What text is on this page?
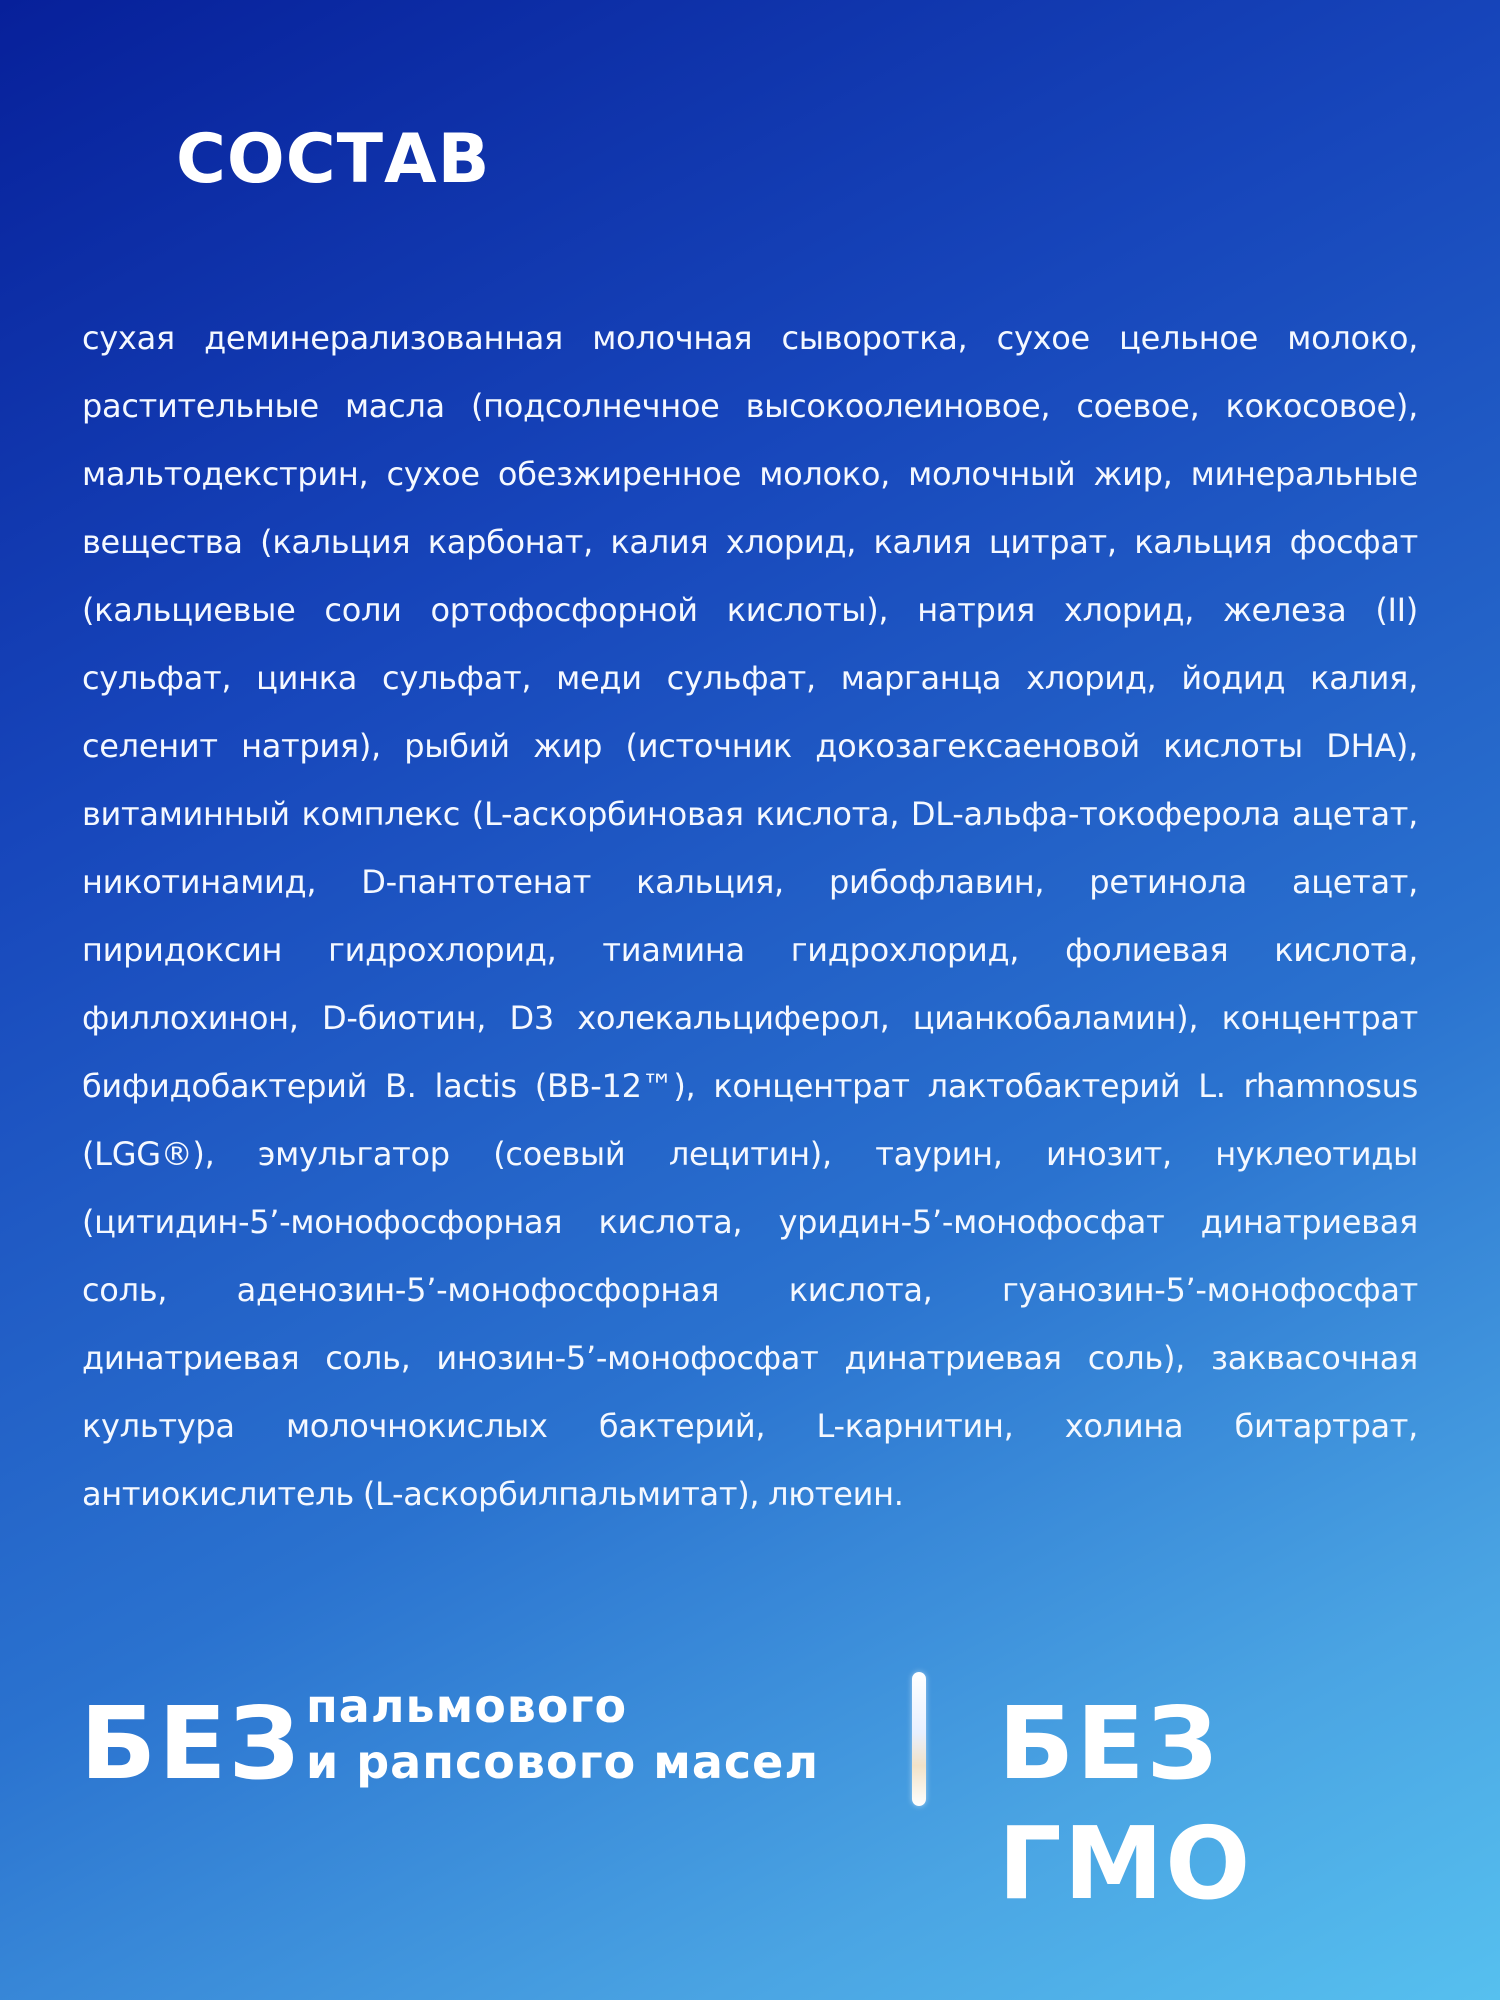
СОСТАВ

сухая деминерализованная молочная сыворотка, сухое цельное молоко, растительные масла (подсолнечное высокоолеиновое, соевое, кокосовое), мальтодекстрин, сухое обезжиренное молоко, молочный жир, минеральные вещества (кальция карбонат, калия хлорид, калия цитрат, кальция фосфат (кальциевые соли ортофосфорной кислоты), натрия хлорид, железа (II) сульфат, цинка сульфат, меди сульфат, марганца хлорид, йодид калия, селенит натрия), рыбий жир (источник докозагексаеновой кислоты DHA), витаминный комплекс (L-аскорбиновая кислота, DL-альфа-токоферола ацетат, никотинамид, D-пантотенат кальция, рибофлавин, ретинола ацетат, пиридоксин гидрохлорид, тиамина гидрохлорид, фолиевая кислота, филлохинон, D-биотин, D3 холекальциферол, цианкобаламин), концентрат бифидобактерий B. lactis (BB-12™), концентрат лактобактерий L. rhamnosus (LGG®), эмульгатор (соевый лецитин), таурин, инозит, нуклеотиды (цитидин-5’-монофосфорная кислота, уридин-5’-монофосфат динатриевая соль, аденозин-5’-монофосфорная кислота, гуанозин-5’-монофосфат динатриевая соль, инозин-5’-монофосфат динатриевая соль), заквасочная культура молочнокислых бактерий, L-карнитин, холина битартрат, антиокислитель (L-аскорбилпальмитат), лютеин.

БЕЗ пальмового
и рапсового масел БЕЗ ГМО
